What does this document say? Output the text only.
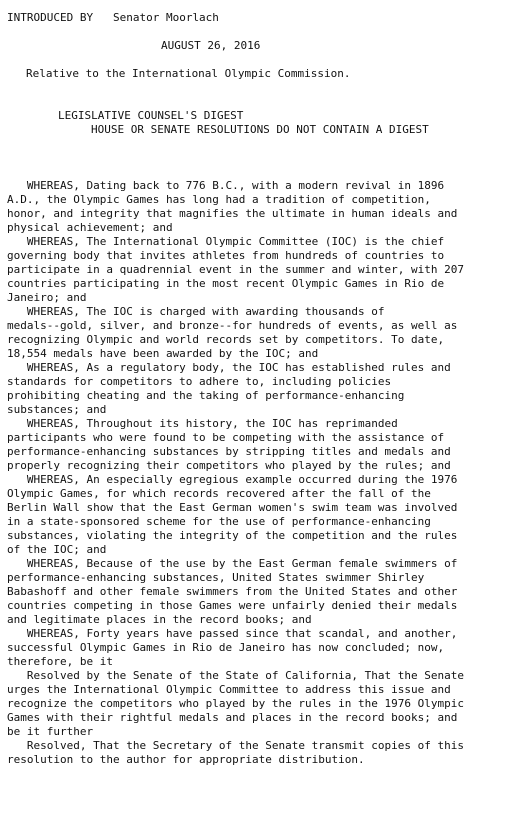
INTRODUCED BY Senator Moorlach
AUGUST 26, 2016
Relative to the International Olympic Commission.
LEGISLATIVE COUNSEL'S DIGEST
HOUSE OR SENATE RESOLUTIONS DO NOT CONTAIN A DIGEST
WHEREAS, Dating back to 776 B.C., with a modern revival in 1896
A.D., the Olympic Games has long had a tradition of competition,
honor, and integrity that magnifies the ultimate in human ideals and
physical achievement; and
WHEREAS, The International Olympic Committee (IOC) is the chief
governing body that invites athletes from hundreds of countries to
participate in a quadrennial event in the summer and winter, with 207
countries participating in the most recent Olympic Games in Rio de
Janeiro; and
WHEREAS, The IOC is charged with awarding thousands of
medals--gold, silver, and bronze--for hundreds of events, as well as
recognizing Olympic and world records set by competitors. To date,
18,554 medals have been awarded by the IOC; and
WHEREAS, As a regulatory body, the IOC has established rules and
standards for competitors to adhere to, including policies
prohibiting cheating and the taking of performance-enhancing
substances; and
WHEREAS, Throughout its history, the IOC has reprimanded
participants who were found to be competing with the assistance of
performance-enhancing substances by stripping titles and medals and
properly recognizing their competitors who played by the rules; and
WHEREAS, An especially egregious example occurred during the 1976
Olympic Games, for which records recovered after the fall of the
Berlin Wall show that the East German women's swim team was involved
in a state-sponsored scheme for the use of performance-enhancing
substances, violating the integrity of the competition and the rules
of the IOC; and
WHEREAS, Because of the use by the East German female swimmers of
performance-enhancing substances, United States swimmer Shirley
Babashoff and other female swimmers from the United States and other
countries competing in those Games were unfairly denied their medals
and legitimate places in the record books; and
WHEREAS, Forty years have passed since that scandal, and another,
successful Olympic Games in Rio de Janeiro has now concluded; now,
therefore, be it
Resolved by the Senate of the State of California, That the Senate
urges the International Olympic Committee to address this issue and
recognize the competitors who played by the rules in the 1976 Olympic
Games with their rightful medals and places in the record books; and
be it further
Resolved, That the Secretary of the Senate transmit copies of this
resolution to the author for appropriate distribution.
